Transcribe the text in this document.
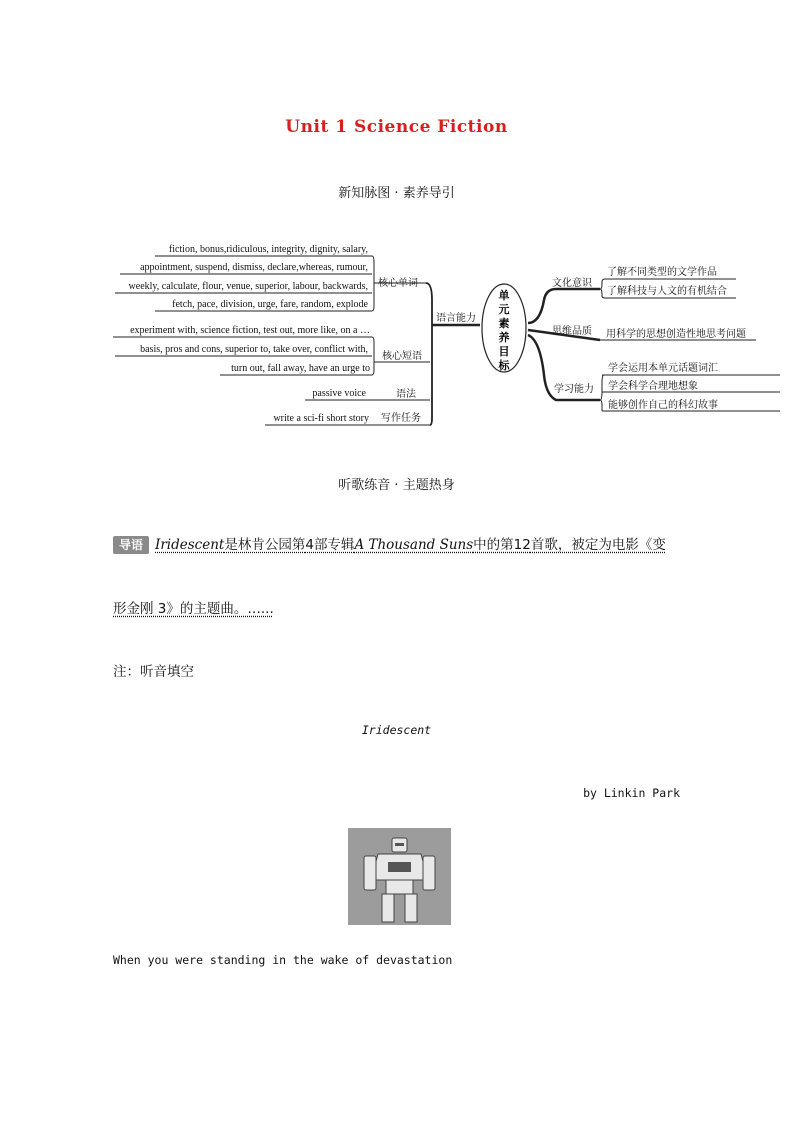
Unit 1 Science Fiction
新知脉图 · 素养导引
fiction, bonus,ridiculous, integrity, dignity, salary,
appointment, suspend, dismiss, declare,whereas, rumour,
weekly, calculate, flour, venue, superior, labour, backwards,
fetch, pace, division, urge, fare, random, explode
核心单词
experiment with, science fiction, test out, more like, on a …
basis, pros and cons, superior to, take over, conflict with,
turn out, fall away, have an urge to
核心短语
语言能力
passive voice	语法
write a sci-fi short story 写作任务
单
元
素
养
目
标
文化意识
了解不同类型的文学作品
了解科技与人文的有机结合
思维品质 用科学的思想创造性地思考问题
学习能力
学会运用本单元话题词汇
学会科学合理地想象
能够创作自己的科幻故事
听歌练音 · 主题热身
导语 Iridescent是林肯公园第4部专辑A Thousand Suns中的第12首歌，被定为电影《变
形金刚 3》的主题曲。…...
注：听音填空
Iridescent
by Linkin Park
When you were standing in the wake of devastation
